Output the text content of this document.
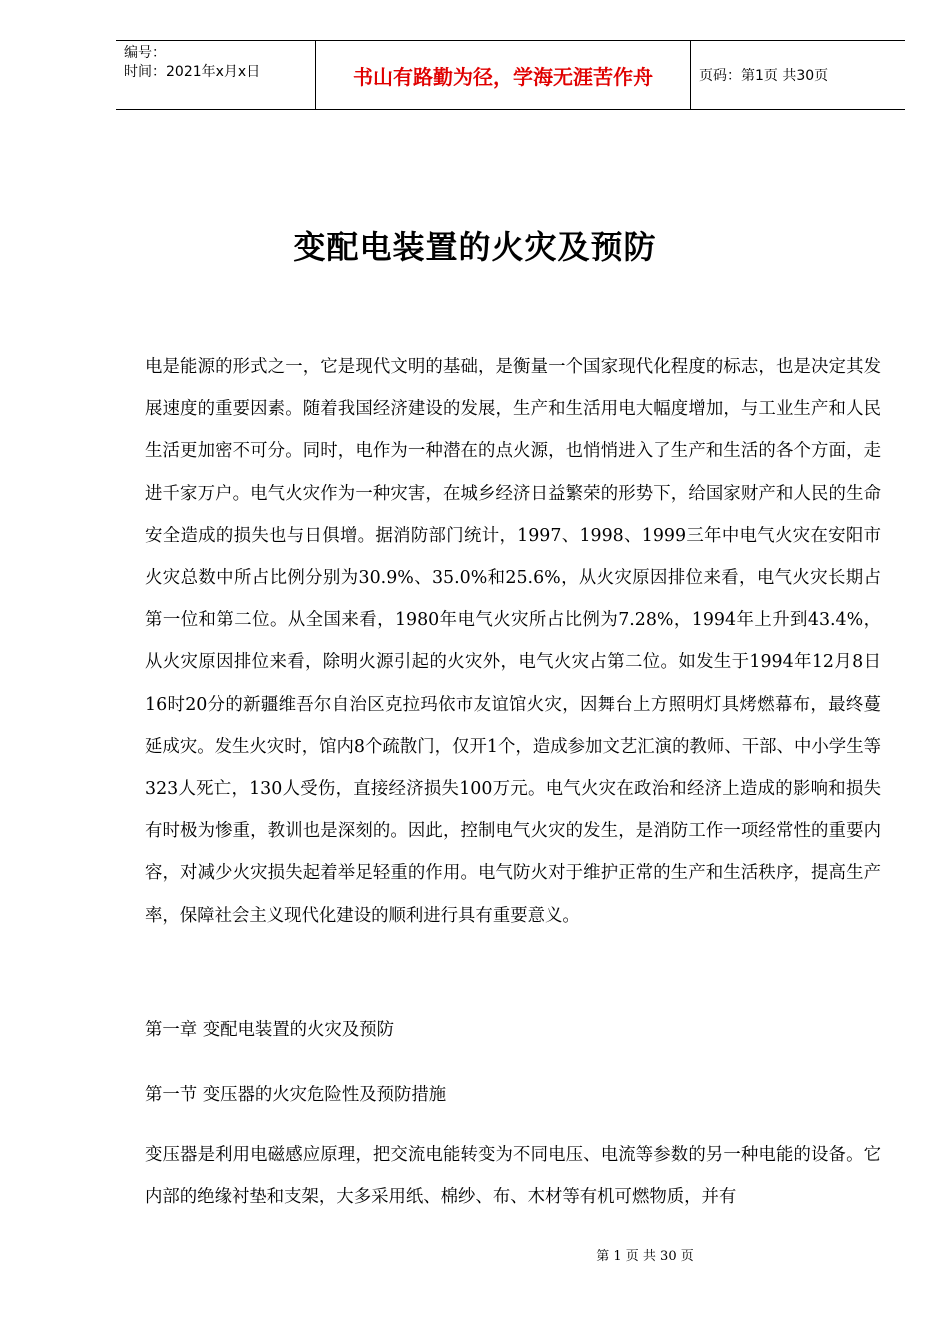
编号：
时间：2021年x月x日	书山有路勤为径，学海无涯苦作舟	页码：第1页 共30页
变配电装置的火灾及预防

电是能源的形式之一，它是现代文明的基础，是衡量一个国家现代化程度的标志，也是决定其发展速度的重要因素。随着我国经济建设的发展，生产和生活用电大幅度增加，与工业生产和人民生活更加密不可分。同时，电作为一种潜在的点火源，也悄悄进入了生产和生活的各个方面，走进千家万户。电气火灾作为一种灾害，在城乡经济日益繁荣的形势下，给国家财产和人民的生命安全造成的损失也与日俱增。据消防部门统计，1997、1998、1999三年中电气火灾在安阳市火灾总数中所占比例分别为30.9%、35.0%和25.6%，从火灾原因排位来看，电气火灾长期占第一位和第二位。从全国来看，1980年电气火灾所占比例为7.28%，1994年上升到43.4%，从火灾原因排位来看，除明火源引起的火灾外，电气火灾占第二位。如发生于1994年12月8日16时20分的新疆维吾尔自治区克拉玛依市友谊馆火灾，因舞台上方照明灯具烤燃幕布，最终蔓延成灾。发生火灾时，馆内8个疏散门，仅开1个，造成参加文艺汇演的教师、干部、中小学生等323人死亡，130人受伤，直接经济损失100万元。电气火灾在政治和经济上造成的影响和损失有时极为惨重，教训也是深刻的。因此，控制电气火灾的发生，是消防工作一项经常性的重要内容，对减少火灾损失起着举足轻重的作用。电气防火对于维护正常的生产和生活秩序，提高生产率，保障社会主义现代化建设的顺利进行具有重要意义。

第一章 变配电装置的火灾及预防
第一节 变压器的火灾危险性及预防措施

变压器是利用电磁感应原理，把交流电能转变为不同电压、电流等参数的另一种电能的设备。它内部的绝缘衬垫和支架，大多采用纸、棉纱、布、木材等有机可燃物质，并有

第 1 页 共 30 页
